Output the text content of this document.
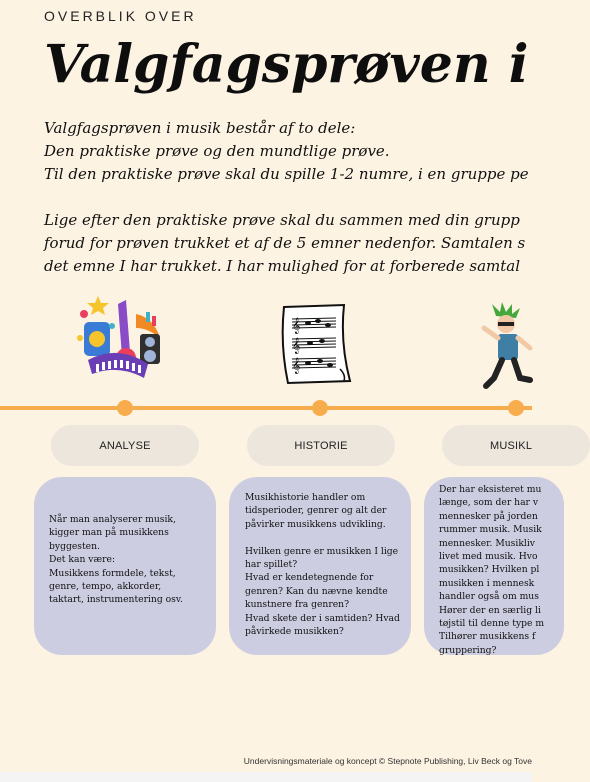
OVERBLIK OVER
Valgfagsprøven i

Valgfagsprøven i musik består af to dele:

Den praktiske prøve og den mundtlige prøve.

Til den praktiske prøve skal du spille 1-2 numre, i en gruppe pe

Lige efter den praktiske prøve skal du sammen med din grupp

forud for prøven trukket et af de 5 emner nedenfor. Samtalen s

det emne I har trukket. I har mulighed for at forberede samtal

𝄞
𝄞
𝄞
ANALYSE	HISTORIE	MUSIKL
Når man analyserer musik,
kigger man på musikkens
byggesten.
Det kan være:
Musikkens formdele, tekst,
genre, tempo, akkorder,
taktart, instrumentering osv.
Musikhistorie handler om
tidsperioder, genrer og alt der
påvirker musikkens udvikling.

Hvilken genre er musikken I lige
har spillet?
Hvad er kendetegnende for
genren? Kan du nævne kendte
kunstnere fra genren?
Hvad skete der i samtiden? Hvad
påvirkede musikken?
Der har eksisteret mu
længe, som der har v
mennesker på jorden
rummer musik. Musik
mennesker. Musikliv
livet med musik. Hvo
musikken? Hvilken pl
musikken i mennesk
handler også om mus
Hører der en særlig li
tøjstil til denne type m
Tilhører musikkens f
gruppering?
Undervisningsmateriale og koncept © Stepnote Publishing, Liv Beck og Tove
